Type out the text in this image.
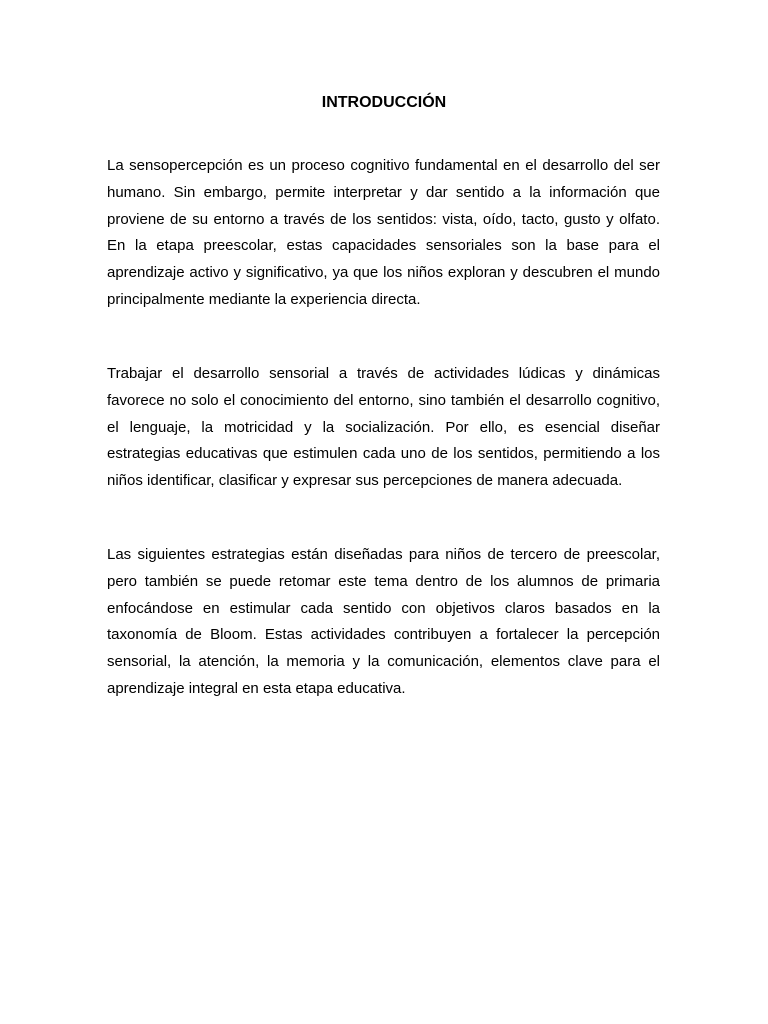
INTRODUCCIÓN

La sensopercepción es un proceso cognitivo fundamental en el desarrollo del ser humano. Sin embargo, permite interpretar y dar sentido a la información que proviene de su entorno a través de los sentidos: vista, oído, tacto, gusto y olfato. En la etapa preescolar, estas capacidades sensoriales son la base para el aprendizaje activo y significativo, ya que los niños exploran y descubren el mundo principalmente mediante la experiencia directa.

Trabajar el desarrollo sensorial a través de actividades lúdicas y dinámicas favorece no solo el conocimiento del entorno, sino también el desarrollo cognitivo, el lenguaje, la motricidad y la socialización. Por ello, es esencial diseñar estrategias educativas que estimulen cada uno de los sentidos, permitiendo a los niños identificar, clasificar y expresar sus percepciones de manera adecuada.

Las siguientes estrategias están diseñadas para niños de tercero de preescolar, pero también se puede retomar este tema dentro de los alumnos de primaria enfocándose en estimular cada sentido con objetivos claros basados en la taxonomía de Bloom. Estas actividades contribuyen a fortalecer la percepción sensorial, la atención, la memoria y la comunicación, elementos clave para el aprendizaje integral en esta etapa educativa.
